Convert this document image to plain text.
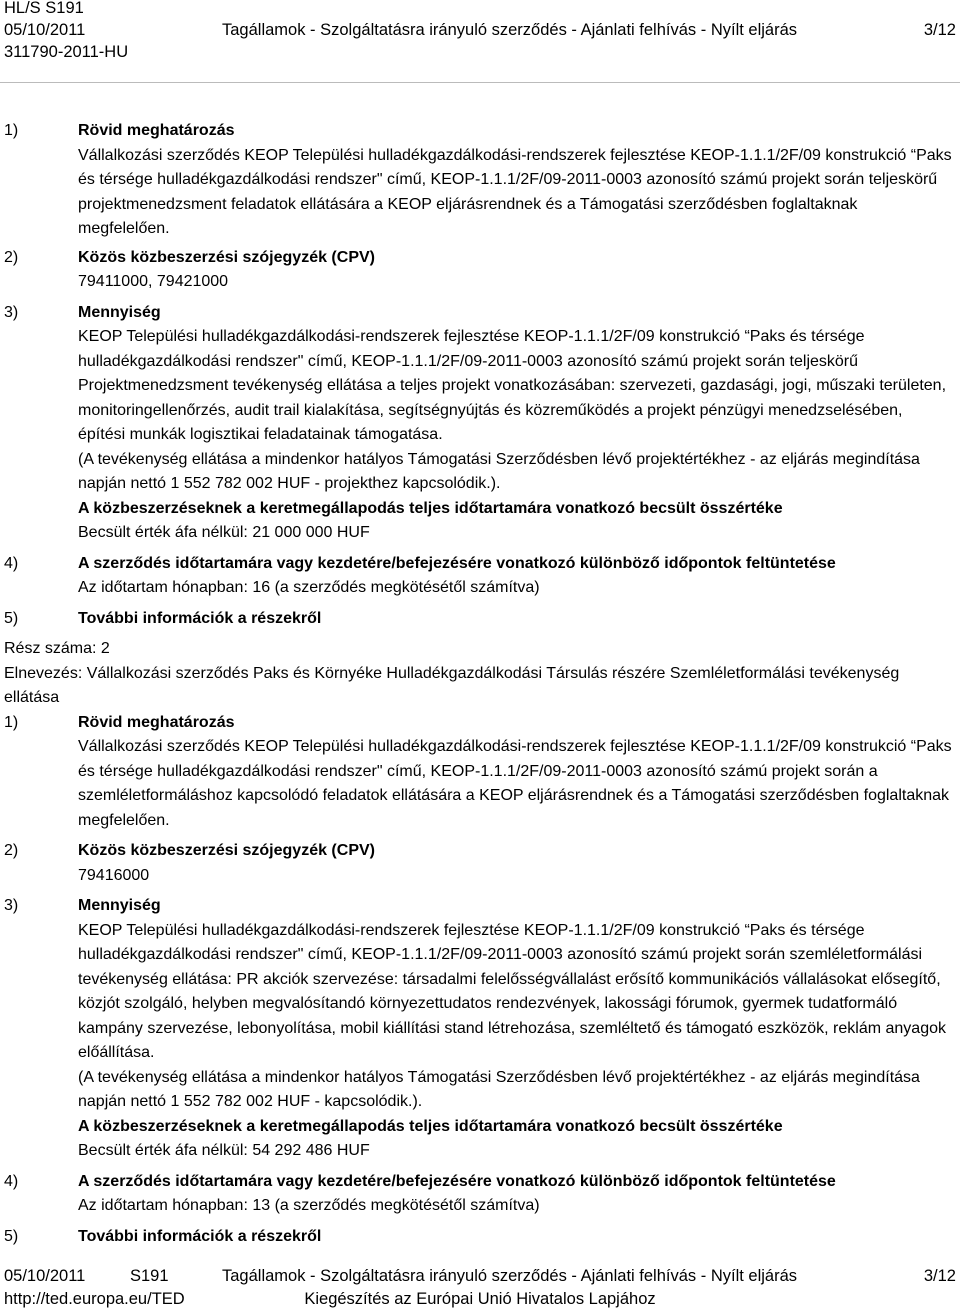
HL/S S191
05/10/2011	Tagállamok - Szolgáltatásra irányuló szerződés - Ajánlati felhívás - Nyílt eljárás	3/12
311790-2011-HU
1)	Rövid meghatározás
Vállalkozási szerződés KEOP Települési hulladékgazdálkodási-rendszerek fejlesztése KEOP-1.1.1/2F/09 konstrukció “Paks és térsége hulladékgazdálkodási rendszer" című, KEOP-1.1.1/2F/09-2011-0003 azonosító számú projekt során teljeskörű projektmenedzsment feladatok ellátására a KEOP eljárásrendnek és a Támogatási szerződésben foglaltaknak megfelelően.
2)	Közös közbeszerzési szójegyzék (CPV)
79411000, 79421000
3)	Mennyiség
KEOP Települési hulladékgazdálkodási-rendszerek fejlesztése KEOP-1.1.1/2F/09 konstrukció “Paks és térsége hulladékgazdálkodási rendszer" című, KEOP-1.1.1/2F/09-2011-0003 azonosító számú projekt során teljeskörű Projektmenedzsment tevékenység ellátása a teljes projekt vonatkozásában: szervezeti, gazdasági, jogi, műszaki területen, monitoringellenőrzés, audit trail kialakítása, segítségnyújtás és közreműködés a projekt pénzügyi menedzselésében, építési munkák logisztikai feladatainak támogatása.
(A tevékenység ellátása a mindenkor hatályos Támogatási Szerződésben lévő projektértékhez - az eljárás megindítása napján nettó 1 552 782 002 HUF - projekthez kapcsolódik.).
A közbeszerzéseknek a keretmegállapodás teljes időtartamára vonatkozó becsült összértéke
Becsült érték áfa nélkül: 21 000 000 HUF
4)	A szerződés időtartamára vagy kezdetére/befejezésére vonatkozó különböző időpontok feltüntetése
Az időtartam hónapban: 16 (a szerződés megkötésétől számítva)
5)	További információk a részekről
Rész száma: 2
Elnevezés: Vállalkozási szerződés Paks és Környéke Hulladékgazdálkodási Társulás részére Szemléletformálási tevékenység ellátása
1)	Rövid meghatározás
Vállalkozási szerződés KEOP Települési hulladékgazdálkodási-rendszerek fejlesztése KEOP-1.1.1/2F/09 konstrukció “Paks és térsége hulladékgazdálkodási rendszer" című, KEOP-1.1.1/2F/09-2011-0003 azonosító számú projekt során a szemléletformáláshoz kapcsolódó feladatok ellátására a KEOP eljárásrendnek és a Támogatási szerződésben foglaltaknak megfelelően.
2)	Közös közbeszerzési szójegyzék (CPV)
79416000
3)	Mennyiség
KEOP Települési hulladékgazdálkodási-rendszerek fejlesztése KEOP-1.1.1/2F/09 konstrukció “Paks és térsége hulladékgazdálkodási rendszer" című, KEOP-1.1.1/2F/09-2011-0003 azonosító számú projekt során szemléletformálási tevékenység ellátása: PR akciók szervezése: társadalmi felelősségvállalást erősítő kommunikációs vállalásokat elősegítő, közjót szolgáló, helyben megvalósítandó környezettudatos rendezvények, lakossági fórumok, gyermek tudatformáló kampány szervezése, lebonyolítása, mobil kiállítási stand létrehozása, szemléltető és támogató eszközök, reklám anyagok előállítása.
(A tevékenység ellátása a mindenkor hatályos Támogatási Szerződésben lévő projektértékhez - az eljárás megindítása napján nettó 1 552 782 002 HUF - kapcsolódik.).
A közbeszerzéseknek a keretmegállapodás teljes időtartamára vonatkozó becsült összértéke
Becsült érték áfa nélkül: 54 292 486 HUF
4)	A szerződés időtartamára vagy kezdetére/befejezésére vonatkozó különböző időpontok feltüntetése
Az időtartam hónapban: 13 (a szerződés megkötésétől számítva)
5)	További információk a részekről
05/10/2011	S191	Tagállamok - Szolgáltatásra irányuló szerződés - Ajánlati felhívás - Nyílt eljárás	3/12
http://ted.europa.eu/TED	Kiegészítés az Európai Unió Hivatalos Lapjához
